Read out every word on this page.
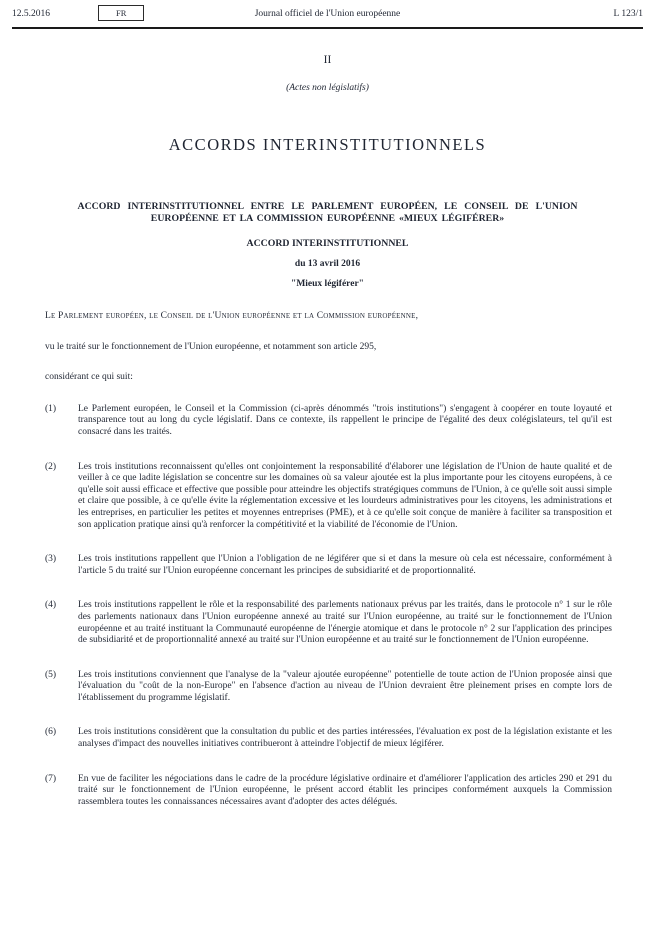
12.5.2016	FR	Journal officiel de l'Union européenne	L 123/1
II
(Actes non législatifs)
ACCORDS INTERINSTITUTIONNELS
ACCORD INTERINSTITUTIONNEL ENTRE LE PARLEMENT EUROPÉEN, LE CONSEIL DE L'UNION EUROPÉENNE ET LA COMMISSION EUROPÉENNE «MIEUX LÉGIFÉRER»
ACCORD INTERINSTITUTIONNEL
du 13 avril 2016
"Mieux légiférer"

Le Parlement européen, le Conseil de l'Union européenne et la Commission européenne,

vu le traité sur le fonctionnement de l'Union européenne, et notamment son article 295,

considérant ce qui suit:

(1)	Le Parlement européen, le Conseil et la Commission (ci-après dénommés "trois institutions") s'engagent à coopérer en toute loyauté et transparence tout au long du cycle législatif. Dans ce contexte, ils rappellent le principe de l'égalité des deux colégislateurs, tel qu'il est consacré dans les traités.

(2)	Les trois institutions reconnaissent qu'elles ont conjointement la responsabilité d'élaborer une législation de l'Union de haute qualité et de veiller à ce que ladite législation se concentre sur les domaines où sa valeur ajoutée est la plus importante pour les citoyens européens, à ce qu'elle soit aussi efficace et effective que possible pour atteindre les objectifs stratégiques communs de l'Union, à ce qu'elle soit aussi simple et claire que possible, à ce qu'elle évite la réglementation excessive et les lourdeurs administratives pour les citoyens, les administrations et les entreprises, en particulier les petites et moyennes entreprises (PME), et à ce qu'elle soit conçue de manière à faciliter sa transposition et son application pratique ainsi qu'à renforcer la compétitivité et la viabilité de l'économie de l'Union.

(3)	Les trois institutions rappellent que l'Union a l'obligation de ne légiférer que si et dans la mesure où cela est nécessaire, conformément à l'article 5 du traité sur l'Union européenne concernant les principes de subsidiarité et de proportionnalité.

(4)	Les trois institutions rappellent le rôle et la responsabilité des parlements nationaux prévus par les traités, dans le protocole n° 1 sur le rôle des parlements nationaux dans l'Union européenne annexé au traité sur l'Union européenne, au traité sur le fonctionnement de l'Union européenne et au traité instituant la Communauté européenne de l'énergie atomique et dans le protocole n° 2 sur l'application des principes de subsidiarité et de proportionnalité annexé au traité sur l'Union européenne et au traité sur le fonctionnement de l'Union européenne.

(5)	Les trois institutions conviennent que l'analyse de la "valeur ajoutée européenne" potentielle de toute action de l'Union proposée ainsi que l'évaluation du "coût de la non-Europe" en l'absence d'action au niveau de l'Union devraient être pleinement prises en compte lors de l'établissement du programme législatif.

(6)	Les trois institutions considèrent que la consultation du public et des parties intéressées, l'évaluation ex post de la législation existante et les analyses d'impact des nouvelles initiatives contribueront à atteindre l'objectif de mieux légiférer.

(7)	En vue de faciliter les négociations dans le cadre de la procédure législative ordinaire et d'améliorer l'application des articles 290 et 291 du traité sur le fonctionnement de l'Union européenne, le présent accord établit les principes conformément auxquels la Commission rassemblera toutes les connaissances nécessaires avant d'adopter des actes délégués.
